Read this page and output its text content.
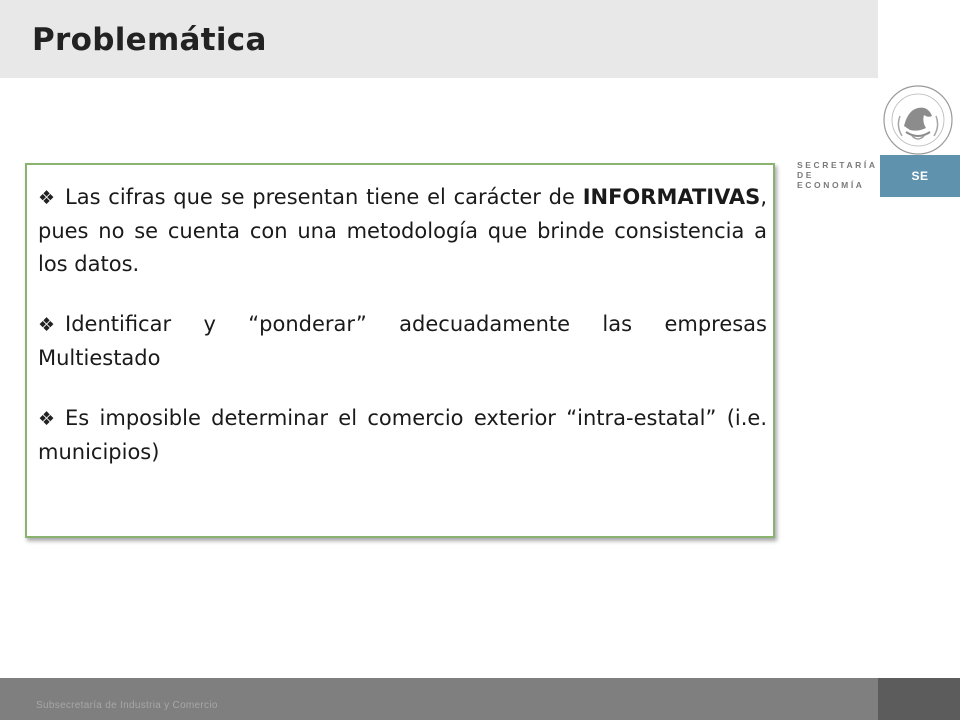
Problemática
SECRETARÍA
DE ECONOMÍA
SE

❖ Las cifras que se presentan tiene el carácter de INFORMATIVAS, pues no se cuenta con una metodología que brinde consistencia a los datos.

❖ Identificar y “ponderar” adecuadamente las empresas Multiestado

❖ Es imposible determinar el comercio exterior “intra-estatal” (i.e. municipios)

Subsecretaría de Industria y Comercio
